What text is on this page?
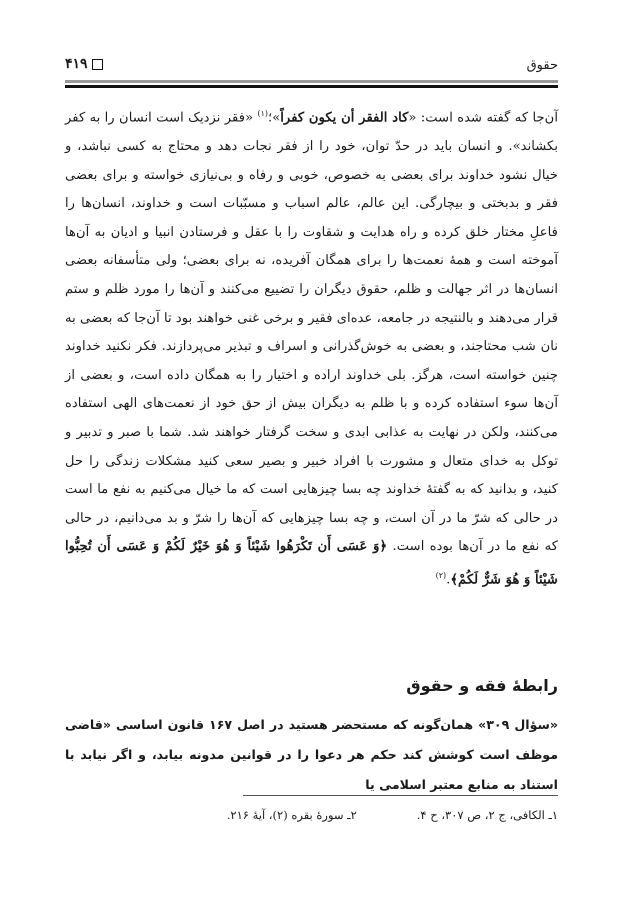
حقوق
۴۱۹

آن‌جا که گفته شده است: «كاد الفقر أن يكون كفراً»؛$^{(۱)}$ «فقر نزدیک است انسان را به کفر بکشاند». و انسان باید در حدّ توان، خود را از فقر نجات دهد و محتاج به کسی نباشد، و خیال نشود خداوند برای بعضی به خصوص، خوبی و رفاه و بی‌نیازی خواسته و برای بعضی فقر و بدبختی و بیچارگی. این عالم، عالم اسباب و مسبّبات است و خداوند، انسان‌ها را فاعلِ مختار خلق کرده و راه هدایت و شقاوت را با عقل و فرستادن انبیا و ادیان به آن‌ها آموخته است و همهٔ نعمت‌ها را برای همگان آفریده، نه برای بعضی؛ ولی متأسفانه بعضی انسان‌ها در اثر جهالت و ظلم، حقوق دیگران را تضییع می‌کنند و آن‌ها را مورد ظلم و ستم قرار می‌دهند و بالنتیجه در جامعه، عده‌ای فقیر و برخی غنی خواهند بود تا آن‌جا که بعضی به نان شب محتاجند، و بعضی به خوش‌گذرانی و اسراف و تبذیر می‌پردازند. فکر نکنید خداوند چنین خواسته است، هرگز. بلی خداوند اراده و اختیار را به همگان داده است، و بعضی از آن‌ها سوء استفاده کرده و با ظلم به دیگران بیش از حق خود از نعمت‌های الهی استفاده می‌کنند، ولکن در نهایت به عذابی ابدی و سخت گرفتار خواهند شد. شما با صبر و تدبیر و توکل به خدای متعال و مشورت با افراد خبیر و بصیر سعی کنید مشکلات زندگی را حل کنید، و بدانید که به گفتهٔ خداوند چه بسا چیزهایی است که ما خیال می‌کنیم به نفع ما است در حالی که شرّ ما در آن است، و چه بسا چیزهایی که آن‌ها را شرّ و بد می‌دانیم، در حالی که نفع ما در آن‌ها بوده است. ﴿وَ عَسَى أَن تَكْرَهُوا شَيْئاً وَ هُوَ خَيْرٌ لَكُمْ وَ عَسَى أَن تُحِبُّوا شَيْئاً وَ هُوَ شَرٌّ لَكُمْ﴾.$^{(۲)}$

رابطهٔ فقه و حقوق
«سؤال ۳۰۹» همان‌گونه که مستحضر هستید در اصل ۱۶۷ قانون اساسی «قاضی موظف است کوشش کند حکم هر دعوا را در قوانین مدونه بیابد، و اگر نیابد با استناد به منابع معتبر اسلامی یا
۱ـ الکافی، ج ۲، ص ۳۰۷، ح ۴.
۲ـ سورهٔ بقره (۲)، آیهٔ ۲۱۶.
